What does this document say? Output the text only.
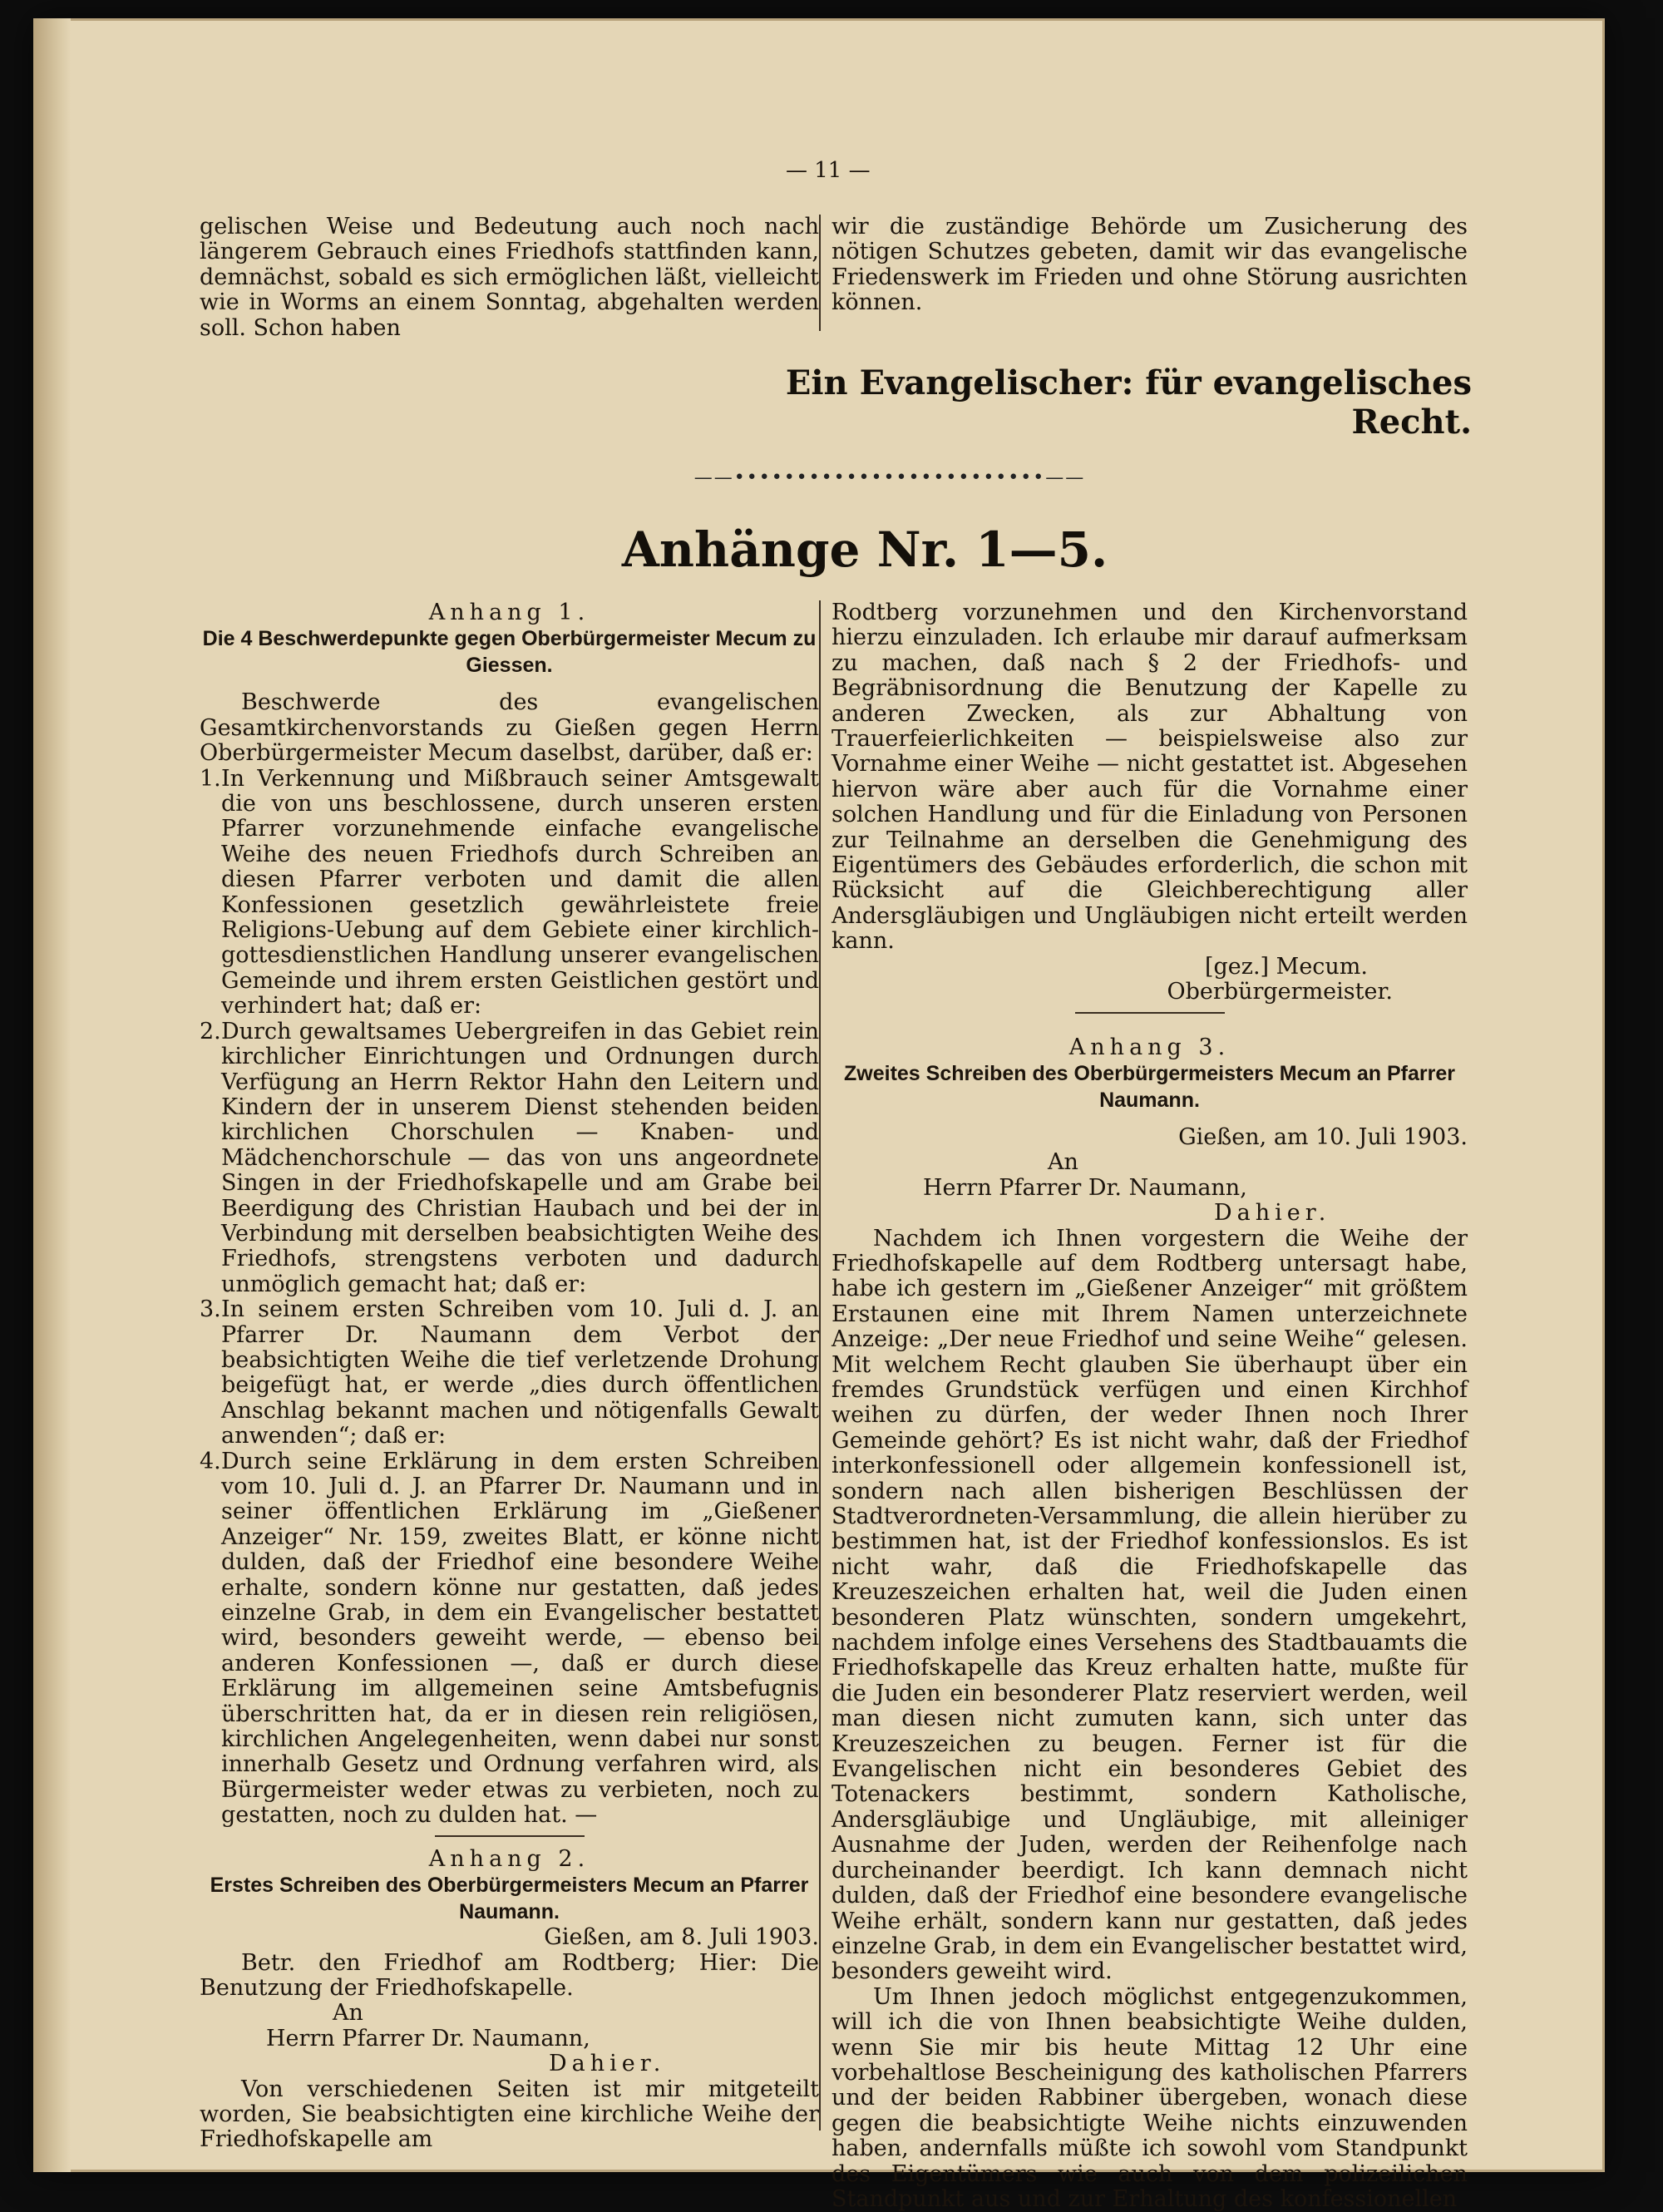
— 11 —

gelischen Weise und Bedeutung auch noch nach längerem Gebrauch eines Friedhofs stattfinden kann, demnächst, sobald es sich ermöglichen läßt, vielleicht wie in Worms an einem Sonntag, abgehalten werden soll. Schon haben

wir die zuständige Behörde um Zusicherung des nötigen Schutzes gebeten, damit wir das evangelische Friedenswerk im Frieden und ohne Störung ausrichten können.

Ein Evangelischer: für evangelisches Recht.
——•••••••••••••••••••••••••——
Anhänge Nr. 1—5.

Anhang 1.

Die 4 Beschwerdepunkte gegen Oberbürgermeister Mecum zu Giessen.

Beschwerde des evangelischen Gesamtkirchenvorstands zu Gießen gegen Herrn Oberbürgermeister Mecum daselbst, darüber, daß er:

1. In Verkennung und Mißbrauch seiner Amtsgewalt die von uns beschlossene, durch unseren ersten Pfarrer vorzunehmende einfache evangelische Weihe des neuen Friedhofs durch Schreiben an diesen Pfarrer verboten und damit die allen Konfessionen gesetzlich gewährleistete freie Religions-Uebung auf dem Gebiete einer kirchlich-gottesdienstlichen Handlung unserer evangelischen Gemeinde und ihrem ersten Geistlichen gestört und verhindert hat; daß er:
2. Durch gewaltsames Uebergreifen in das Gebiet rein kirchlicher Einrichtungen und Ordnungen durch Verfügung an Herrn Rektor Hahn den Leitern und Kindern der in unserem Dienst stehenden beiden kirchlichen Chorschulen — Knaben- und Mädchenchorschule — das von uns angeordnete Singen in der Friedhofskapelle und am Grabe bei Beerdigung des Christian Haubach und bei der in Verbindung mit derselben beabsichtigten Weihe des Friedhofs, strengstens verboten und dadurch unmöglich gemacht hat; daß er:
3. In seinem ersten Schreiben vom 10. Juli d. J. an Pfarrer Dr. Naumann dem Verbot der beabsichtigten Weihe die tief verletzende Drohung beigefügt hat, er werde „dies durch öffentlichen Anschlag bekannt machen und nötigenfalls Gewalt anwenden“; daß er:
4. Durch seine Erklärung in dem ersten Schreiben vom 10. Juli d. J. an Pfarrer Dr. Naumann und in seiner öffentlichen Erklärung im „Gießener Anzeiger“ Nr. 159, zweites Blatt, er könne nicht dulden, daß der Friedhof eine besondere Weihe erhalte, sondern könne nur gestatten, daß jedes einzelne Grab, in dem ein Evangelischer bestattet wird, besonders geweiht werde, — ebenso bei anderen Konfessionen —, daß er durch diese Erklärung im allgemeinen seine Amtsbefugnis überschritten hat, da er in diesen rein religiösen, kirchlichen Angelegenheiten, wenn dabei nur sonst innerhalb Gesetz und Ordnung verfahren wird, als Bürgermeister weder etwas zu verbieten, noch zu gestatten, noch zu dulden hat. —

Anhang 2.

Erstes Schreiben des Oberbürgermeisters Mecum an Pfarrer Naumann.

Gießen, am 8. Juli 1903.

Betr. den Friedhof am Rodtberg; Hier: Die Benutzung der Friedhofskapelle.

An

Herrn Pfarrer Dr. Naumann,

Dahier.

Von verschiedenen Seiten ist mir mitgeteilt worden, Sie beabsichtigten eine kirchliche Weihe der Friedhofskapelle am

Rodtberg vorzunehmen und den Kirchenvorstand hierzu einzuladen. Ich erlaube mir darauf aufmerksam zu machen, daß nach § 2 der Friedhofs- und Begräbnisordnung die Benutzung der Kapelle zu anderen Zwecken, als zur Abhaltung von Trauerfeierlichkeiten — beispielsweise also zur Vornahme einer Weihe — nicht gestattet ist. Abgesehen hiervon wäre aber auch für die Vornahme einer solchen Handlung und für die Einladung von Personen zur Teilnahme an derselben die Genehmigung des Eigentümers des Gebäudes erforderlich, die schon mit Rücksicht auf die Gleichberechtigung aller Andersgläubigen und Ungläubigen nicht erteilt werden kann.

[gez.] Mecum.

Oberbürgermeister.

Anhang 3.

Zweites Schreiben des Oberbürgermeisters Mecum an Pfarrer Naumann.

Gießen, am 10. Juli 1903.

An

Herrn Pfarrer Dr. Naumann,

Dahier.

Nachdem ich Ihnen vorgestern die Weihe der Friedhofskapelle auf dem Rodtberg untersagt habe, habe ich gestern im „Gießener Anzeiger“ mit größtem Erstaunen eine mit Ihrem Namen unterzeichnete Anzeige: „Der neue Friedhof und seine Weihe“ gelesen. Mit welchem Recht glauben Sie überhaupt über ein fremdes Grundstück verfügen und einen Kirchhof weihen zu dürfen, der weder Ihnen noch Ihrer Gemeinde gehört? Es ist nicht wahr, daß der Friedhof interkonfessionell oder allgemein konfessionell ist, sondern nach allen bisherigen Beschlüssen der Stadtverordneten-Versammlung, die allein hierüber zu bestimmen hat, ist der Friedhof konfessionslos. Es ist nicht wahr, daß die Friedhofskapelle das Kreuzeszeichen erhalten hat, weil die Juden einen besonderen Platz wünschten, sondern umgekehrt, nachdem infolge eines Versehens des Stadtbauamts die Friedhofskapelle das Kreuz erhalten hatte, mußte für die Juden ein besonderer Platz reserviert werden, weil man diesen nicht zumuten kann, sich unter das Kreuzeszeichen zu beugen. Ferner ist für die Evangelischen nicht ein besonderes Gebiet des Totenackers bestimmt, sondern Katholische, Andersgläubige und Ungläubige, mit alleiniger Ausnahme der Juden, werden der Reihenfolge nach durcheinander beerdigt. Ich kann demnach nicht dulden, daß der Friedhof eine besondere evangelische Weihe erhält, sondern kann nur gestatten, daß jedes einzelne Grab, in dem ein Evangelischer bestattet wird, besonders geweiht wird.

Um Ihnen jedoch möglichst entgegenzukommen, will ich die von Ihnen beabsichtigte Weihe dulden, wenn Sie mir bis heute Mittag 12 Uhr eine vorbehaltlose Bescheinigung des katholischen Pfarrers und der beiden Rabbiner übergeben, wonach diese gegen die beabsichtigte Weihe nichts einzuwenden haben, andernfalls müßte ich sowohl vom Standpunkt des Eigentümers wie auch von dem polizeilichen Standpunkt aus und zur Erhaltung des konfessionellen
